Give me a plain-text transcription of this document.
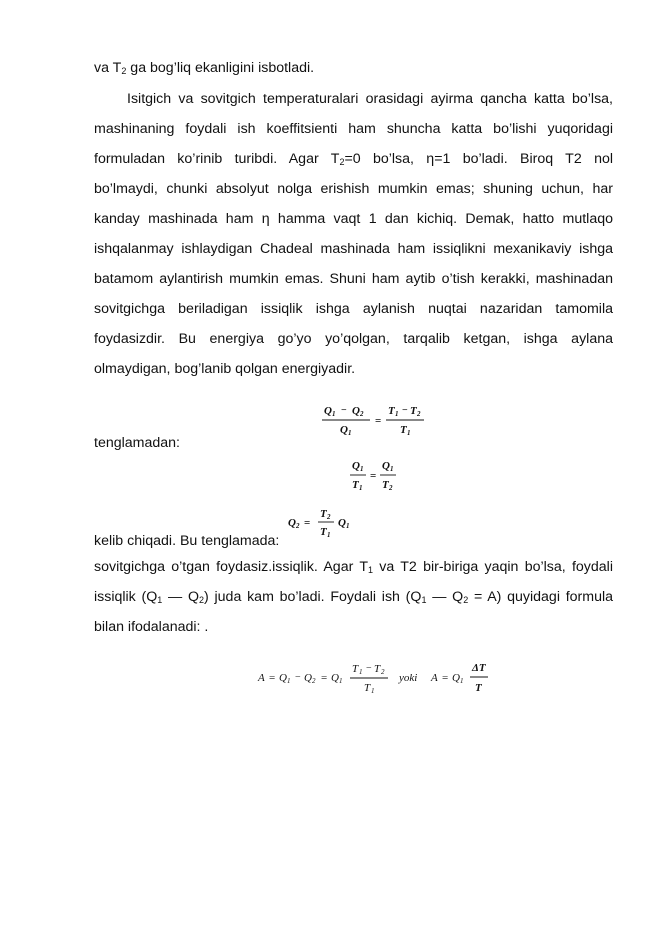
va $T_2$ ga bog’liq ekanligini isbotladi.
Isitgich va sovitgich temperaturalari orasidagi ayirma qancha katta bo’lsa,
mashinaning foydali ish koeffitsienti ham shuncha katta bo’lishi yuqoridagi
formuladan ko’rinib turibdi. Agar $T_2=0$ bo’lsa, η=1 bo’ladi. Biroq T2 nol
bo’lmaydi, chunki absolyut nolga erishish mumkin emas; shuning uchun, har
kanday mashinada ham η hamma vaqt 1 dan kichiq. Demak, hatto mutlaqo
ishqalanmay ishlaydigan Chadeal mashinada ham issiqlikni mexanikaviy ishga
batamom aylantirish mumkin emas. Shuni ham aytib o’tish kerakki, mashinadan
sovitgichga beriladigan issiqlik ishga aylanish nuqtai nazaridan tamomila
foydasizdir. Bu energiya go’yo yo’qolgan, tarqalib ketgan, ishga aylana
olmaydigan, bog’lanib qolgan energiyadir.
Q 1 − Q 2
Q 1
=
T 1 − T 2
T 1
tenglamadan:
Q 1
T 1
=
Q 1
T 2
Q 2 =
T 2
T 1
Q 1
kelib chiqadi. Bu tenglamada:
sovitgichga o’tgan foydasiz.issiqlik. Agar $T_1$ va T2 bir-biriga yaqin bo’lsa, foydali
issiqlik ($Q_1$ — $Q_2$) juda kam bo’ladi. Foydali ish ($Q_1$ — $Q_2 = A$) quyidagi formula
bilan ifodalanadi: .
A = Q 1 − Q 2 = Q 1
T 1 − T 2
T 1
yoki A = Q 1
ΔT
T
